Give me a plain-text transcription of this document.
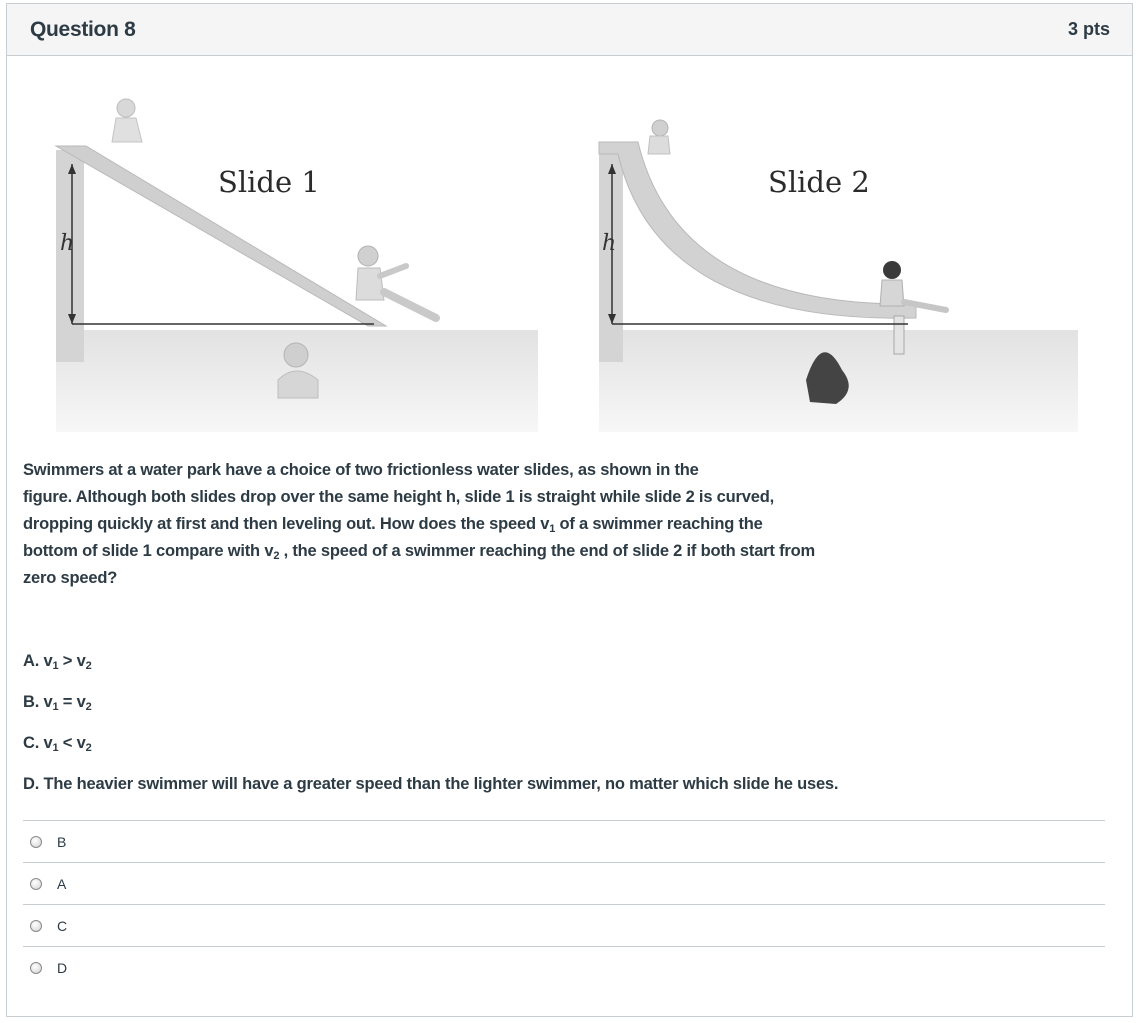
Question 8	3 pts
h
Slide 1
h
Slide 2
Swimmers at a water park have a choice of two frictionless water slides, as shown in the
figure. Although both slides drop over the same height h, slide 1 is straight while slide 2 is curved,
dropping quickly at first and then leveling out. How does the speed $v_1$ of a swimmer reaching the
bottom of slide 1 compare with $v_2$ , the speed of a swimmer reaching the end of slide 2 if both start from
zero speed?
A. $v_1 > v_2$
B. $v_1 = v_2$
C. $v_1 < v_2$
D. The heavier swimmer will have a greater speed than the lighter swimmer, no matter which slide he uses.
B
A
C
D
